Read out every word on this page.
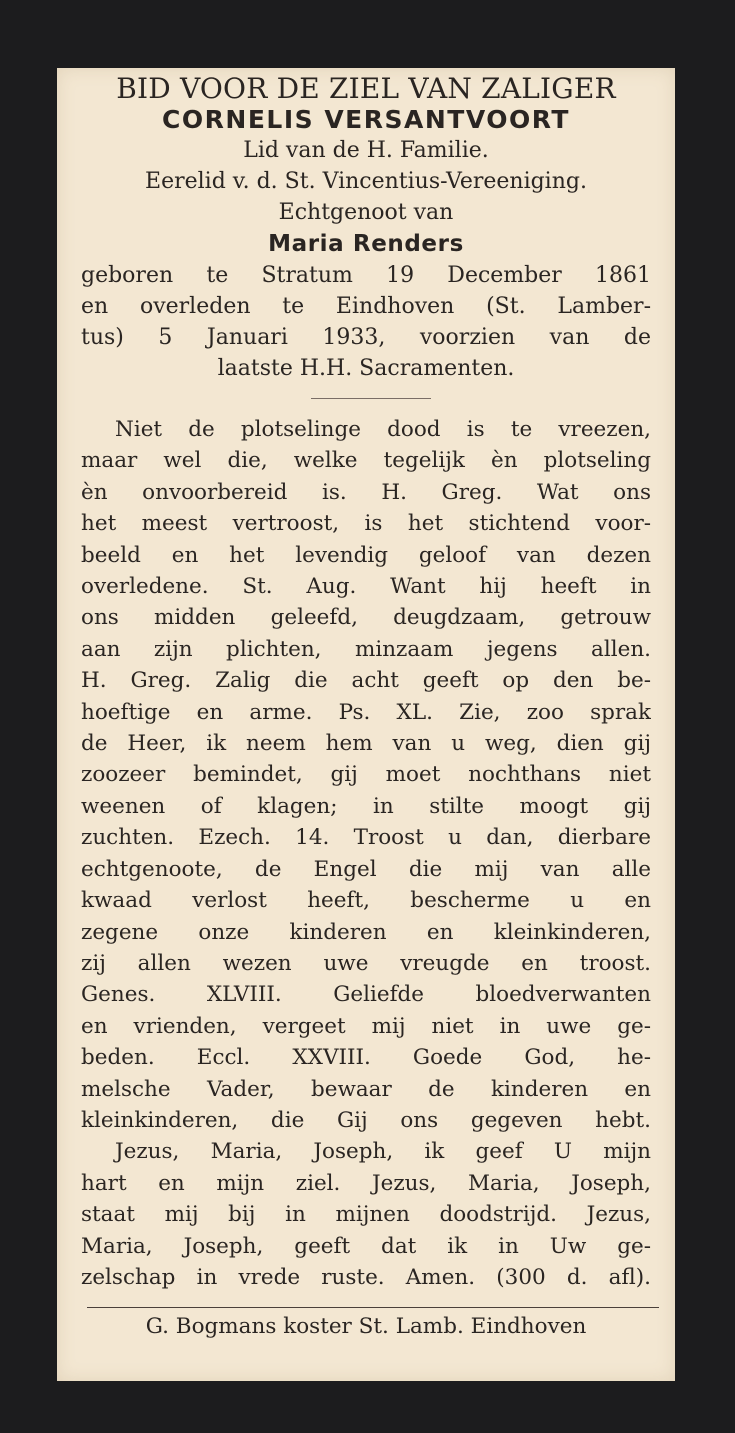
BID VOOR DE ZIEL VAN ZALIGER
CORNELIS VERSANTVOORT
Lid van de H. Familie.
Eerelid v. d. St. Vincentius-Vereeniging.
Echtgenoot van
Maria Renders
geboren te Stratum 19 December 1861
en overleden te Eindhoven (St. Lamber-
tus) 5 Januari 1933, voorzien van de
laatste H.H. Sacramenten.
Niet de plotselinge dood is te vreezen,
maar wel die, welke tegelijk èn plotseling
èn onvoorbereid is. H. Greg. Wat ons
het meest vertroost, is het stichtend voor-
beeld en het levendig geloof van dezen
overledene. St. Aug. Want hij heeft in
ons midden geleefd, deugdzaam, getrouw
aan zijn plichten, minzaam jegens allen.
H. Greg. Zalig die acht geeft op den be-
hoeftige en arme. Ps. XL. Zie, zoo sprak
de Heer, ik neem hem van u weg, dien gij
zoozeer bemindet, gij moet nochthans niet
weenen of klagen; in stilte moogt gij
zuchten. Ezech. 14. Troost u dan, dierbare
echtgenoote, de Engel die mij van alle
kwaad verlost heeft, bescherme u en
zegene onze kinderen en kleinkinderen,
zij allen wezen uwe vreugde en troost.
Genes. XLVIII. Geliefde bloedverwanten
en vrienden, vergeet mij niet in uwe ge-
beden. Eccl. XXVIII. Goede God, he-
melsche Vader, bewaar de kinderen en
kleinkinderen, die Gij ons gegeven hebt.
Jezus, Maria, Joseph, ik geef U mijn
hart en mijn ziel. Jezus, Maria, Joseph,
staat mij bij in mijnen doodstrijd. Jezus,
Maria, Joseph, geeft dat ik in Uw ge-
zelschap in vrede ruste. Amen. (300 d. afl).
G. Bogmans koster St. Lamb. Eindhoven
